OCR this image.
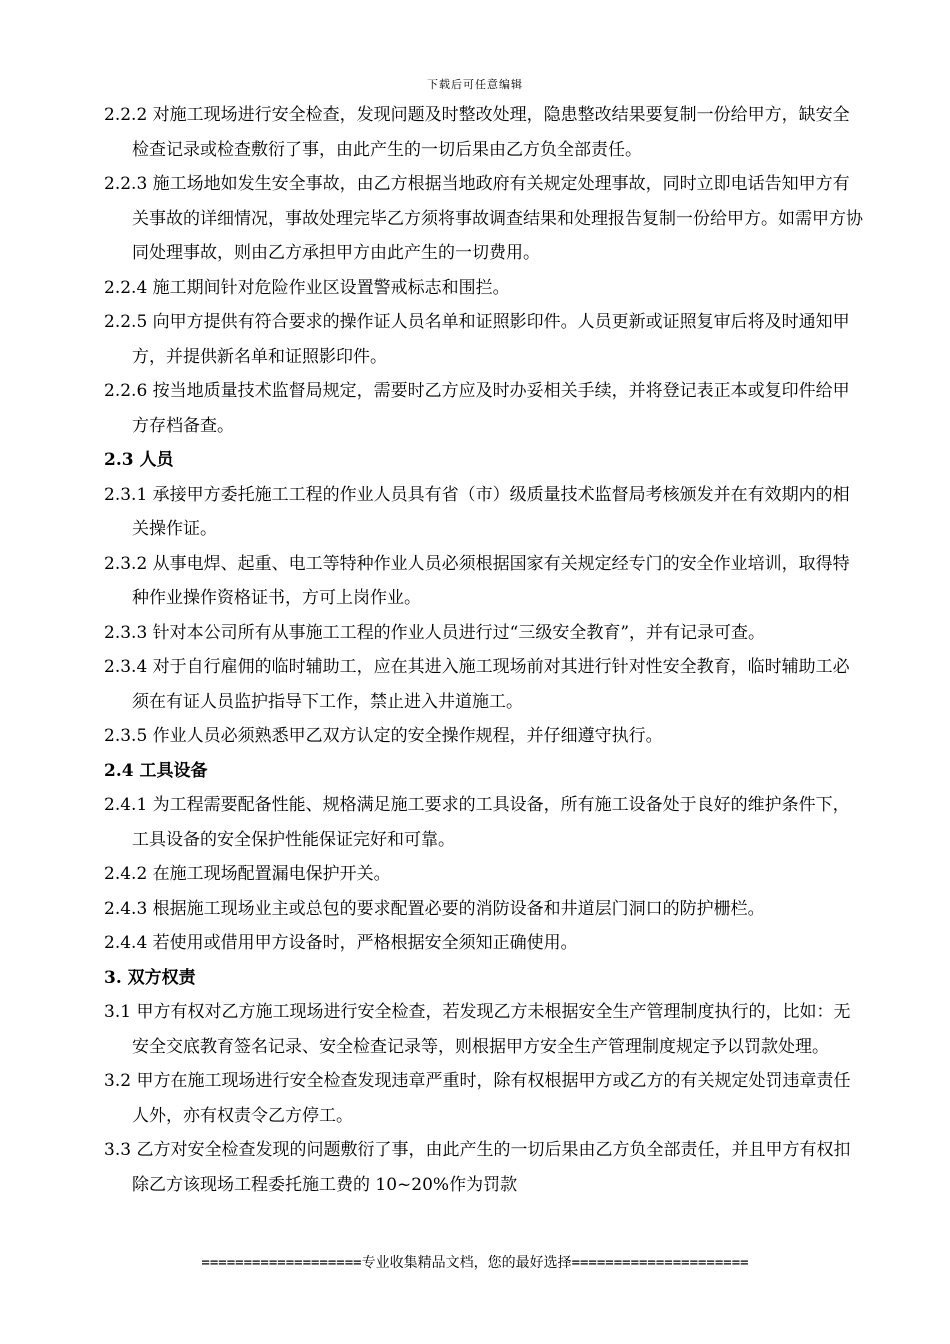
下载后可任意编辑

2.2.2 对施工现场进行安全检查，发现问题及时整改处理，隐患整改结果要复制一份给甲方，缺安全检查记录或检查敷衍了事，由此产生的一切后果由乙方负全部责任。

2.2.3 施工场地如发生安全事故，由乙方根据当地政府有关规定处理事故，同时立即电话告知甲方有关事故的详细情况，事故处理完毕乙方须将事故调查结果和处理报告复制一份给甲方。如需甲方协同处理事故，则由乙方承担甲方由此产生的一切费用。

2.2.4 施工期间针对危险作业区设置警戒标志和围拦。

2.2.5 向甲方提供有符合要求的操作证人员名单和证照影印件。人员更新或证照复审后将及时通知甲方，并提供新名单和证照影印件。

2.2.6 按当地质量技术监督局规定，需要时乙方应及时办妥相关手续，并将登记表正本或复印件给甲方存档备查。

2.3 人员

2.3.1 承接甲方委托施工工程的作业人员具有省（市）级质量技术监督局考核颁发并在有效期内的相关操作证。

2.3.2 从事电焊、起重、电工等特种作业人员必须根据国家有关规定经专门的安全作业培训，取得特种作业操作资格证书，方可上岗作业。

2.3.3 针对本公司所有从事施工工程的作业人员进行过“三级安全教育”，并有记录可查。

2.3.4 对于自行雇佣的临时辅助工，应在其进入施工现场前对其进行针对性安全教育，临时辅助工必须在有证人员监护指导下工作，禁止进入井道施工。

2.3.5 作业人员必须熟悉甲乙双方认定的安全操作规程，并仔细遵守执行。

2.4 工具设备

2.4.1 为工程需要配备性能、规格满足施工要求的工具设备，所有施工设备处于良好的维护条件下，工具设备的安全保护性能保证完好和可靠。

2.4.2 在施工现场配置漏电保护开关。

2.4.3 根据施工现场业主或总包的要求配置必要的消防设备和井道层门洞口的防护栅栏。

2.4.4 若使用或借用甲方设备时，严格根据安全须知正确使用。

3. 双方权责

3.1 甲方有权对乙方施工现场进行安全检查，若发现乙方未根据安全生产管理制度执行的，比如：无安全交底教育签名记录、安全检查记录等，则根据甲方安全生产管理制度规定予以罚款处理。

3.2 甲方在施工现场进行安全检查发现违章严重时，除有权根据甲方或乙方的有关规定处罚违章责任人外，亦有权责令乙方停工。

3.3 乙方对安全检查发现的问题敷衍了事，由此产生的一切后果由乙方负全部责任，并且甲方有权扣除乙方该现场工程委托施工费的 10~20%作为罚款

===================专业收集精品文档，您的最好选择=====================
